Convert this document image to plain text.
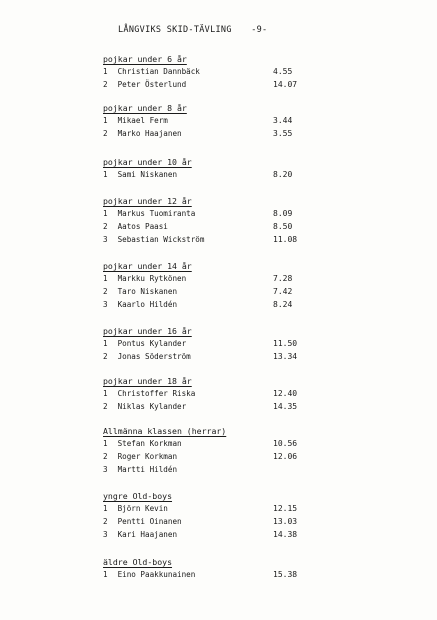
LÅNGVIKS SKID-TÄVLING -9-
pojkar under 6 år
1 Christian Dannbäck	4.55
2 Peter Österlund	14.07
pojkar under 8 år
1 Mikael Ferm	3.44
2 Marko Haajanen	3.55
pojkar under 10 år
1 Sami Niskanen	8.20
pojkar under 12 år
1 Markus Tuomiranta	8.09
2 Aatos Paasi	8.50
3 Sebastian Wickström	11.08
pojkar under 14 år
1 Markku Rytkönen	7.28
2 Taro Niskanen	7.42
3 Kaarlo Hildén	8.24
pojkar under 16 år
1 Pontus Kylander	11.50
2 Jonas Söderström	13.34
pojkar under 18 år
1 Christoffer Riska	12.40
2 Niklas Kylander	14.35
Allmänna klassen (herrar)
1 Stefan Korkman	10.56
2 Roger Korkman	12.06
3 Martti Hildén
yngre Old-boys
1 Björn Kevin	12.15
2 Pentti Oinanen	13.03
3 Kari Haajanen	14.38
äldre Old-boys
1 Eino Paakkunainen	15.38
